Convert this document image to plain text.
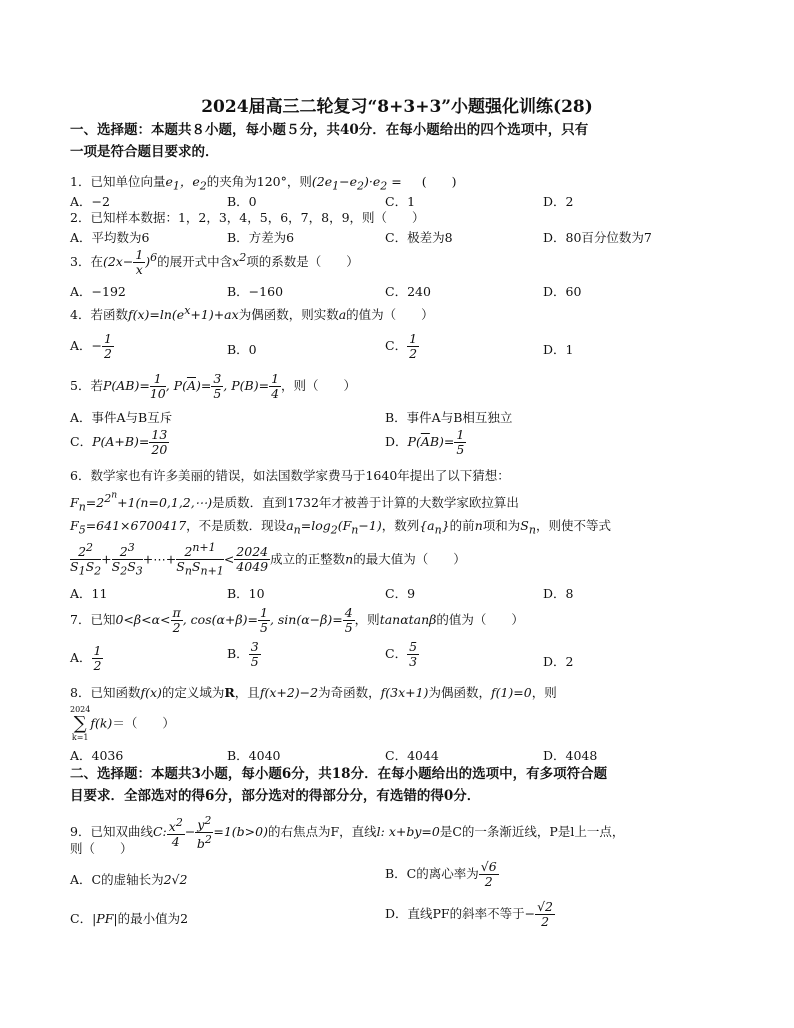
2024届高三二轮复习“8+3+3”小题强化训练(28)
一、选择题：本题共８小题，每小题５分，共40分．在每小题给出的四个选项中，只有
一项是符合题目要求的．
1．已知单位向量$e_1$，$e_2$的夹角为120°，则$(2e_1-e_2)\cdot e_2$ = (　　)
A．−2	B．0	C．1	D．2
2．已知样本数据：1，2，3，4，5，6，7，8，9，则（　　）
A．平均数为6	B．方差为6	C．极差为8	D．80百分位数为7
3．在$(2x- \frac{1}{x} )^6$的展开式中含$x^2$项的系数是（　　）
A．−192	B．−160	C．240	D．60
4．若函数$f(x)=\ln(e^x+1)+ax$为偶函数，则实数a的值为（　　）
A．− $\frac{1}{2}$	B．0	C． $\frac{1}{2}$	D．1
5．若$P(AB)= \frac{1}{10}$ , $P(\overline{A})= \frac{3}{5}$ , $P(B)= \frac{1}{4}$ ，则（　　）
A．事件A与B互斥	B．事件A与B相互独立
C．$P(A+B)= \frac{13}{20}$	D．$P(\overline{A}B)= \frac{1}{5}$
6．数学家也有许多美丽的错误，如法国数学家费马于1640年提出了以下猜想：
$F_n=2^{2^n}+1(n=0,1,2,\cdots)$是质数．直到1732年才被善于计算的大数学家欧拉算出
$F_5=641\times 6700417$，不是质数．现设$a_n=\log_2(F_n-1)$，数列$\{a_n\}$的前n项和为$S_n$，则使不等式
$\frac{2^2}{S_1S_2} + \frac{2^3}{S_2S_3}$ +⋯+ $\frac{2^{n+1}}{S_nS_{n+1}} < \frac{2024}{4049}$ 成立的正整数n的最大值为（　　）
A．11	B．10	C．9	D．8
7．已知$0<\beta<\alpha< \frac{\pi}{2}$ , $\cos(\alpha+\beta)= \frac{1}{5}$ , $\sin(\alpha-\beta)= \frac{4}{5}$ ，则tanαtanβ的值为（　　）
A． $\frac{1}{2}$	B． $\frac{3}{5}$	C． $\frac{5}{3}$	D．2
8．已知函数f(x)的定义域为R，且f(x+2)−2为奇函数，f(3x+1)为偶函数，f(1)=0，则
2024
∑
k=1
f(k)＝（　　）
A．4036	B．4040	C．4044	D．4048
二、选择题：本题共3小题，每小题6分，共18分．在每小题给出的选项中，有多项符合题
目要求．全部选对的得6分，部分选对的得部分分，有选错的得0分．
9．已知双曲线C: $\frac{x^2}{4} - \frac{y^2}{b^2} =1(b>0)$的右焦点为F，直线l: x+by=0是C的一条渐近线，P是l上一点，
则（　　）
A．C的虚轴长为2√2	B．C的离心率为 $\frac{√6}{2}$
C．|PF|的最小值为2	D．直线PF的斜率不等于− $\frac{√2}{2}$
